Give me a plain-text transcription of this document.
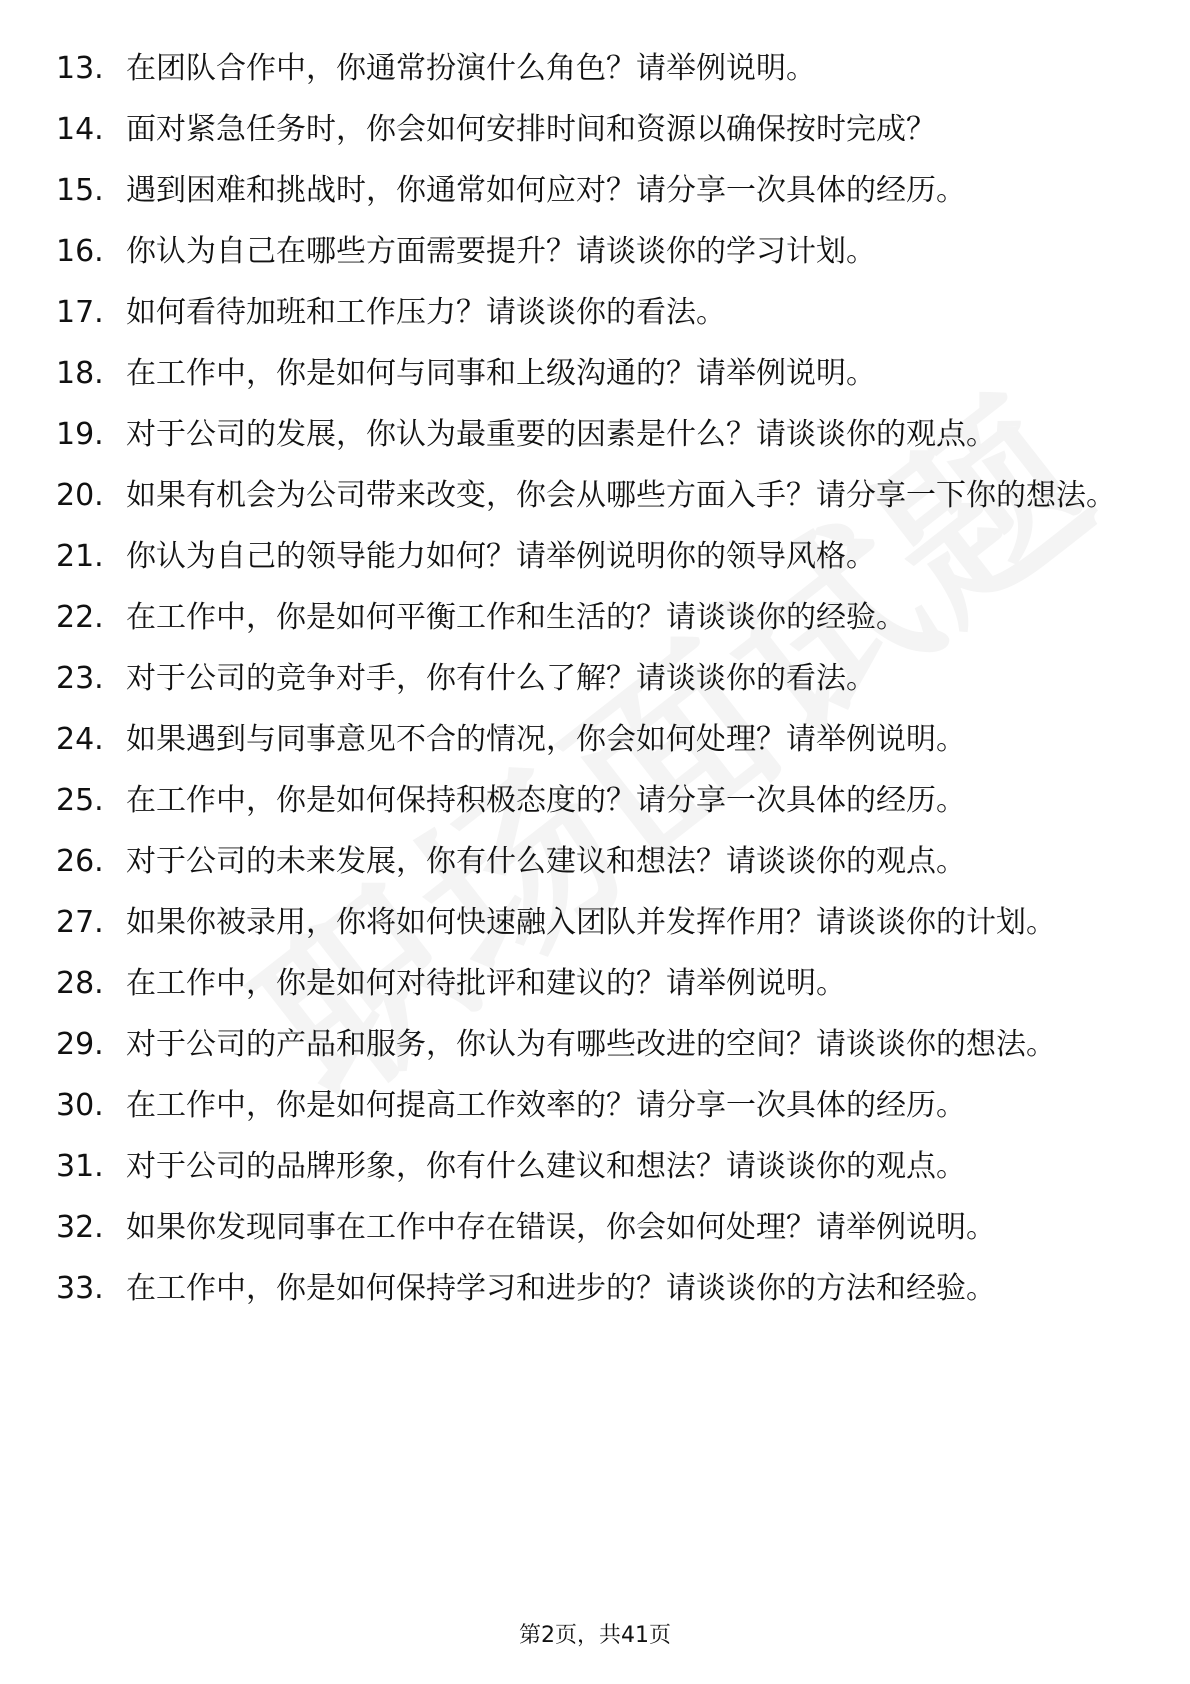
13. 在团队合作中，你通常扮演什么角色？请举例说明。
14. 面对紧急任务时，你会如何安排时间和资源以确保按时完成？
15. 遇到困难和挑战时，你通常如何应对？请分享一次具体的经历。
16. 你认为自己在哪些方面需要提升？请谈谈你的学习计划。
17. 如何看待加班和工作压力？请谈谈你的看法。
18. 在工作中，你是如何与同事和上级沟通的？请举例说明。
19. 对于公司的发展，你认为最重要的因素是什么？请谈谈你的观点。
20. 如果有机会为公司带来改变，你会从哪些方面入手？请分享一下你的想法。
21. 你认为自己的领导能力如何？请举例说明你的领导风格。
22. 在工作中，你是如何平衡工作和生活的？请谈谈你的经验。
23. 对于公司的竞争对手，你有什么了解？请谈谈你的看法。
24. 如果遇到与同事意见不合的情况，你会如何处理？请举例说明。
25. 在工作中，你是如何保持积极态度的？请分享一次具体的经历。
26. 对于公司的未来发展，你有什么建议和想法？请谈谈你的观点。
27. 如果你被录用，你将如何快速融入团队并发挥作用？请谈谈你的计划。
28. 在工作中，你是如何对待批评和建议的？请举例说明。
29. 对于公司的产品和服务，你认为有哪些改进的空间？请谈谈你的想法。
30. 在工作中，你是如何提高工作效率的？请分享一次具体的经历。
31. 对于公司的品牌形象，你有什么建议和想法？请谈谈你的观点。
32. 如果你发现同事在工作中存在错误，你会如何处理？请举例说明。
33. 在工作中，你是如何保持学习和进步的？请谈谈你的方法和经验。
第2页，共41页
